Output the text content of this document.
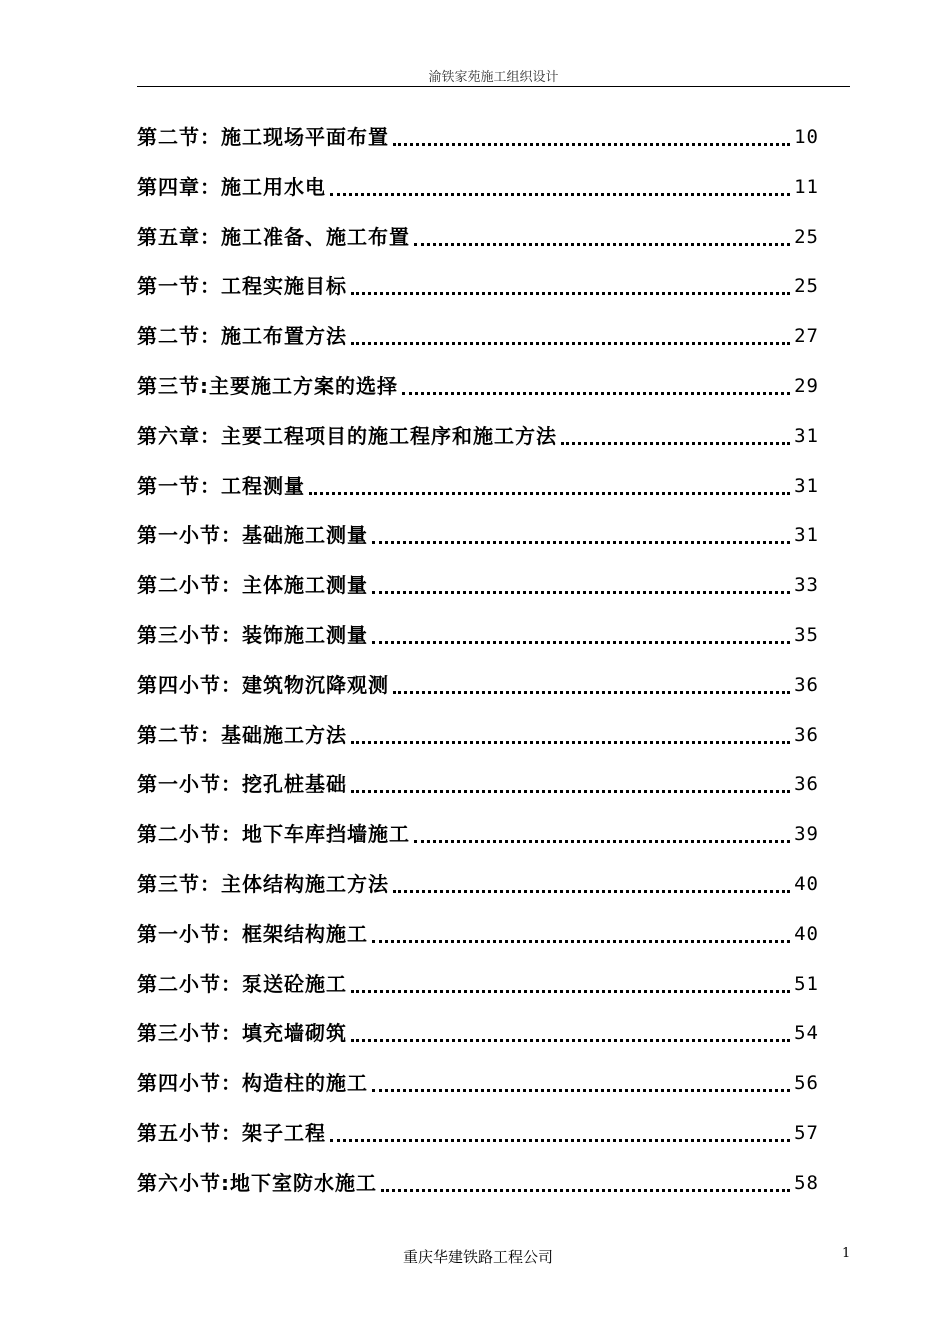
渝铁家苑施工组织设计
第二节：施工现场平面布置	10
第四章：施工用水电	11
第五章：施工准备、施工布置	25
第一节：工程实施目标	25
第二节：施工布置方法	27
第三节:主要施工方案的选择	29
第六章：主要工程项目的施工程序和施工方法	31
第一节：工程测量	31
第一小节：基础施工测量	31
第二小节：主体施工测量	33
第三小节：装饰施工测量	35
第四小节：建筑物沉降观测	36
第二节：基础施工方法	36
第一小节：挖孔桩基础	36
第二小节：地下车库挡墙施工	39
第三节：主体结构施工方法	40
第一小节：框架结构施工	40
第二小节：泵送砼施工	51
第三小节：填充墙砌筑	54
第四小节：构造柱的施工	56
第五小节：架子工程	57
第六小节:地下室防水施工	58
重庆华建铁路工程公司	1
